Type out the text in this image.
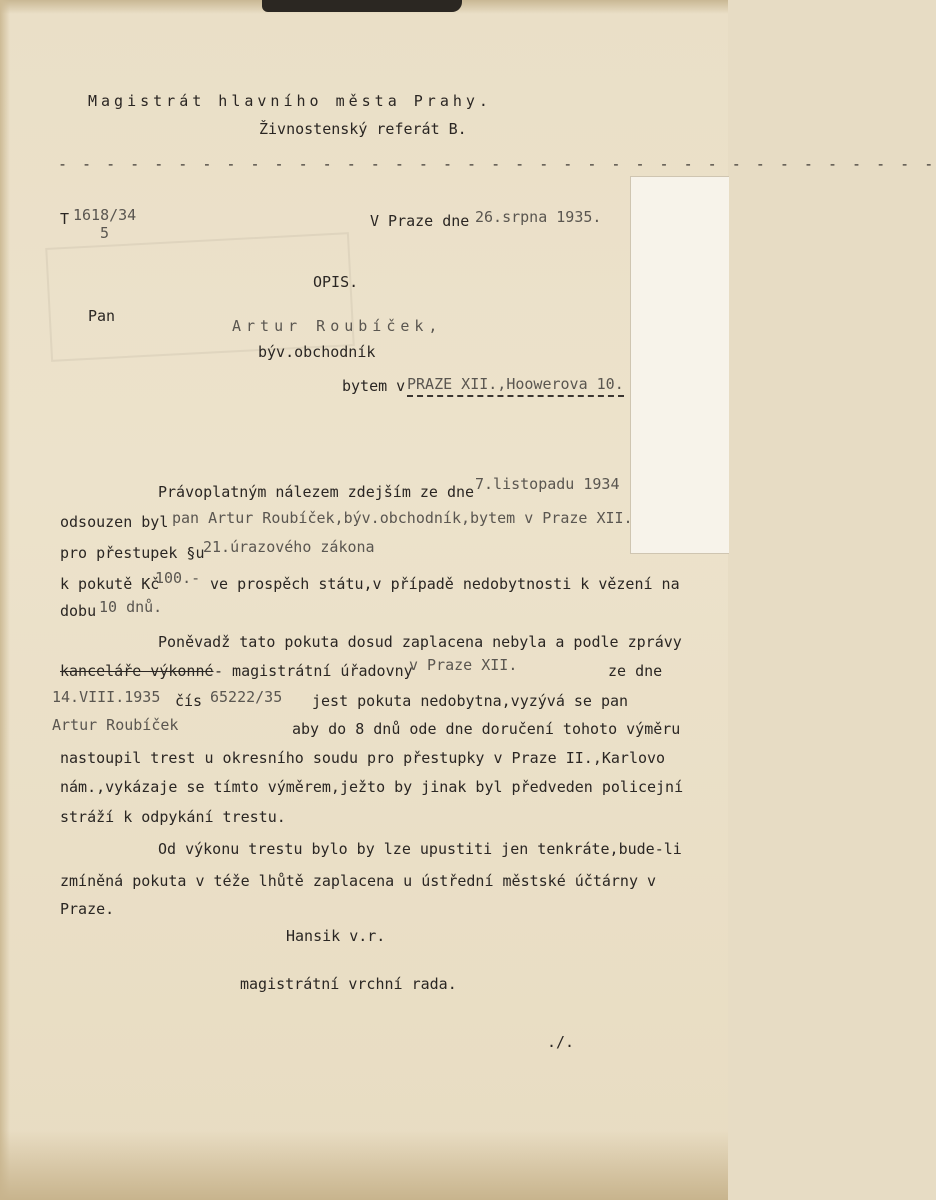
Magistrát hlavního města Prahy.
Živnostenský referát B.
- - - - - - - - - - - - - - - - - - - - - - - - - - - - - - - - - - - - -
T 1618/34
5
V Praze dne 26.srpna 1935.
OPIS.
Pan
Artur Roubíček,
býv.obchodník
bytem v PRAZE XII.,Hoowerova 10.
Právoplatným nálezem zdejším ze dne 7.listopadu 1934
odsouzen byl pan Artur Roubíček,býv.obchodník,bytem v Praze XII.
pro přestupek §u
21.úrazového zákona
k pokutě Kč
100.- ve prospěch státu,v případě nedobytnosti k vězení na
dobu 10 dnů.
Poněvadž tato pokuta dosud zaplacena nebyla a podle zprávy
kanceláře výkonné - magistrátní úřadovny
v Praze XII.	ze dne
14.VIII.1935 čís 65222/35 jest pokuta nedobytna,vyzývá se pan
Artur Roubíček	aby do 8 dnů ode dne doručení tohoto výměru
nastoupil trest u okresního soudu pro přestupky v Praze II.,Karlovo
nám.,vykázaje se tímto výměrem,ježto by jinak byl předveden policejní
stráží k odpykání trestu.
Od výkonu trestu bylo by lze upustiti jen tenkráte,bude-li
zmíněná pokuta v téže lhůtě zaplacena u ústřední městské účtárny v
Praze.
Hansik v.r.
magistrátní vrchní rada.
./.
